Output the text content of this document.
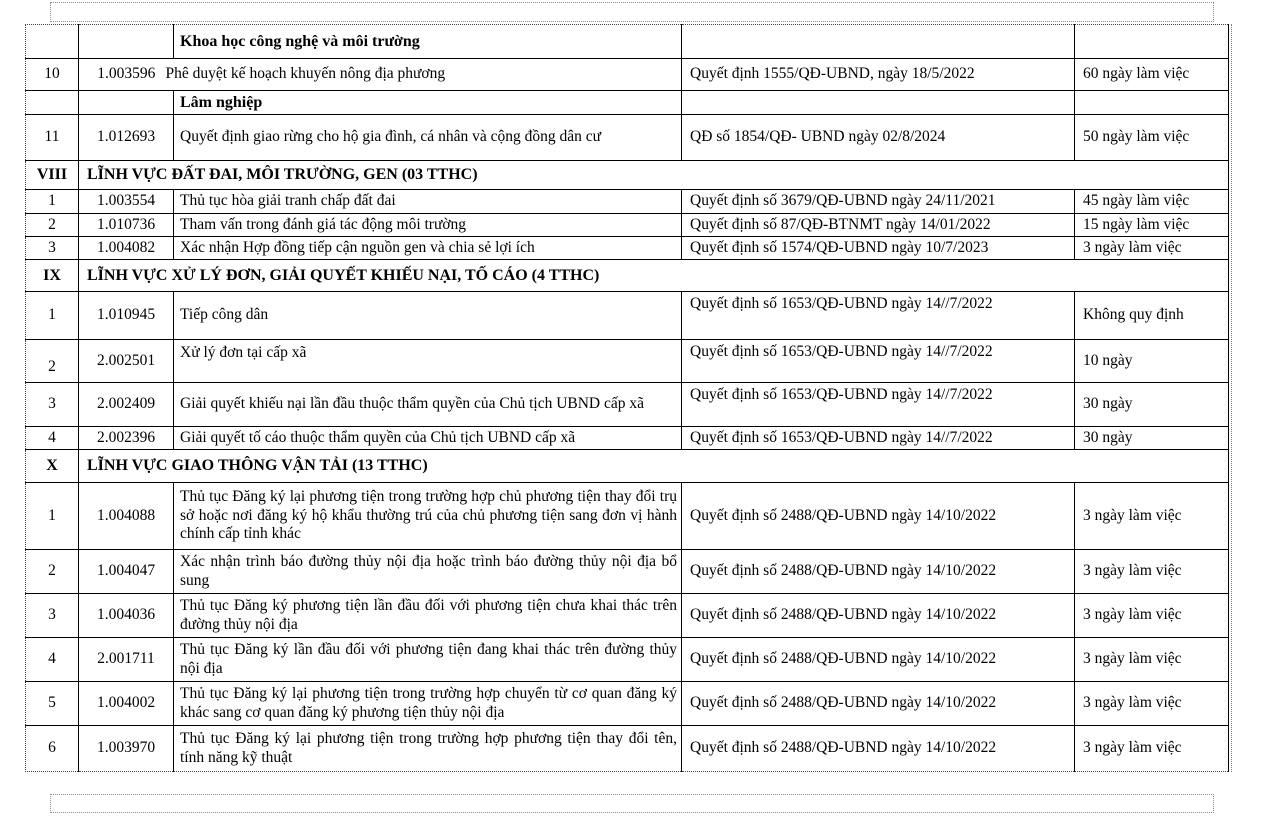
		Khoa học công nghệ và môi trường		
10	1.003596	Phê duyệt kế hoạch khuyến nông địa phương	Quyết định 1555/QĐ-UBND, ngày 18/5/2022	60 ngày làm việc
		Lâm nghiệp		
11	1.012693	Quyết định giao rừng cho hộ gia đình, cá nhân và cộng đồng dân cư	QĐ số 1854/QĐ- UBND ngày 02/8/2024	50 ngày làm việc
VIII	LĨNH VỰC ĐẤT ĐAI, MÔI TRƯỜNG, GEN (03 TTHC)			
1	1.003554	Thủ tục hòa giải tranh chấp đất đai	Quyết định số 3679/QĐ-UBND ngày 24/11/2021	45 ngày làm việc
2	1.010736	Tham vấn trong đánh giá tác động môi trường	Quyết định số 87/QĐ-BTNMT ngày 14/01/2022	15 ngày làm việc
3	1.004082	Xác nhận Hợp đồng tiếp cận nguồn gen và chia sẻ lợi ích	Quyết định số 1574/QĐ-UBND ngày 10/7/2023	3 ngày làm việc
IX	LĨNH VỰC XỬ LÝ ĐƠN, GIẢI QUYẾT KHIẾU NẠI, TỐ CÁO (4 TTHC)			
1	1.010945	Tiếp công dân	Quyết định số 1653/QĐ-UBND ngày 14//7/2022	Không quy định
2	2.002501	Xử lý đơn tại cấp xã	Quyết định số 1653/QĐ-UBND ngày 14//7/2022	10 ngày
3	2.002409	Giải quyết khiếu nại lần đầu thuộc thẩm quyền của Chủ tịch UBND cấp xã	Quyết định số 1653/QĐ-UBND ngày 14//7/2022	30 ngày
4	2.002396	Giải quyết tố cáo thuộc thẩm quyền của Chủ tịch UBND cấp xã	Quyết định số 1653/QĐ-UBND ngày 14//7/2022	30 ngày
X	LĨNH VỰC GIAO THÔNG VẬN TẢI (13 TTHC)			
1	1.004088	Thủ tục Đăng ký lại phương tiện trong trường hợp chủ phương tiện thay đổi trụ sở hoặc nơi đăng ký hộ khẩu thường trú của chủ phương tiện sang đơn vị hành chính cấp tỉnh khác	Quyết định số 2488/QĐ-UBND ngày 14/10/2022	3 ngày làm việc
2	1.004047	Xác nhận trình báo đường thủy nội địa hoặc trình báo đường thủy nội địa bổ sung	Quyết định số 2488/QĐ-UBND ngày 14/10/2022	3 ngày làm việc
3	1.004036	Thủ tục Đăng ký phương tiện lần đầu đối với phương tiện chưa khai thác trên đường thủy nội địa	Quyết định số 2488/QĐ-UBND ngày 14/10/2022	3 ngày làm việc
4	2.001711	Thủ tục Đăng ký lần đầu đối với phương tiện đang khai thác trên đường thủy nội địa	Quyết định số 2488/QĐ-UBND ngày 14/10/2022	3 ngày làm việc
5	1.004002	Thủ tục Đăng ký lại phương tiện trong trường hợp chuyển từ cơ quan đăng ký khác sang cơ quan đăng ký phương tiện thủy nội địa	Quyết định số 2488/QĐ-UBND ngày 14/10/2022	3 ngày làm việc
6	1.003970	Thủ tục Đăng ký lại phương tiện trong trường hợp phương tiện thay đổi tên, tính năng kỹ thuật	Quyết định số 2488/QĐ-UBND ngày 14/10/2022	3 ngày làm việc
